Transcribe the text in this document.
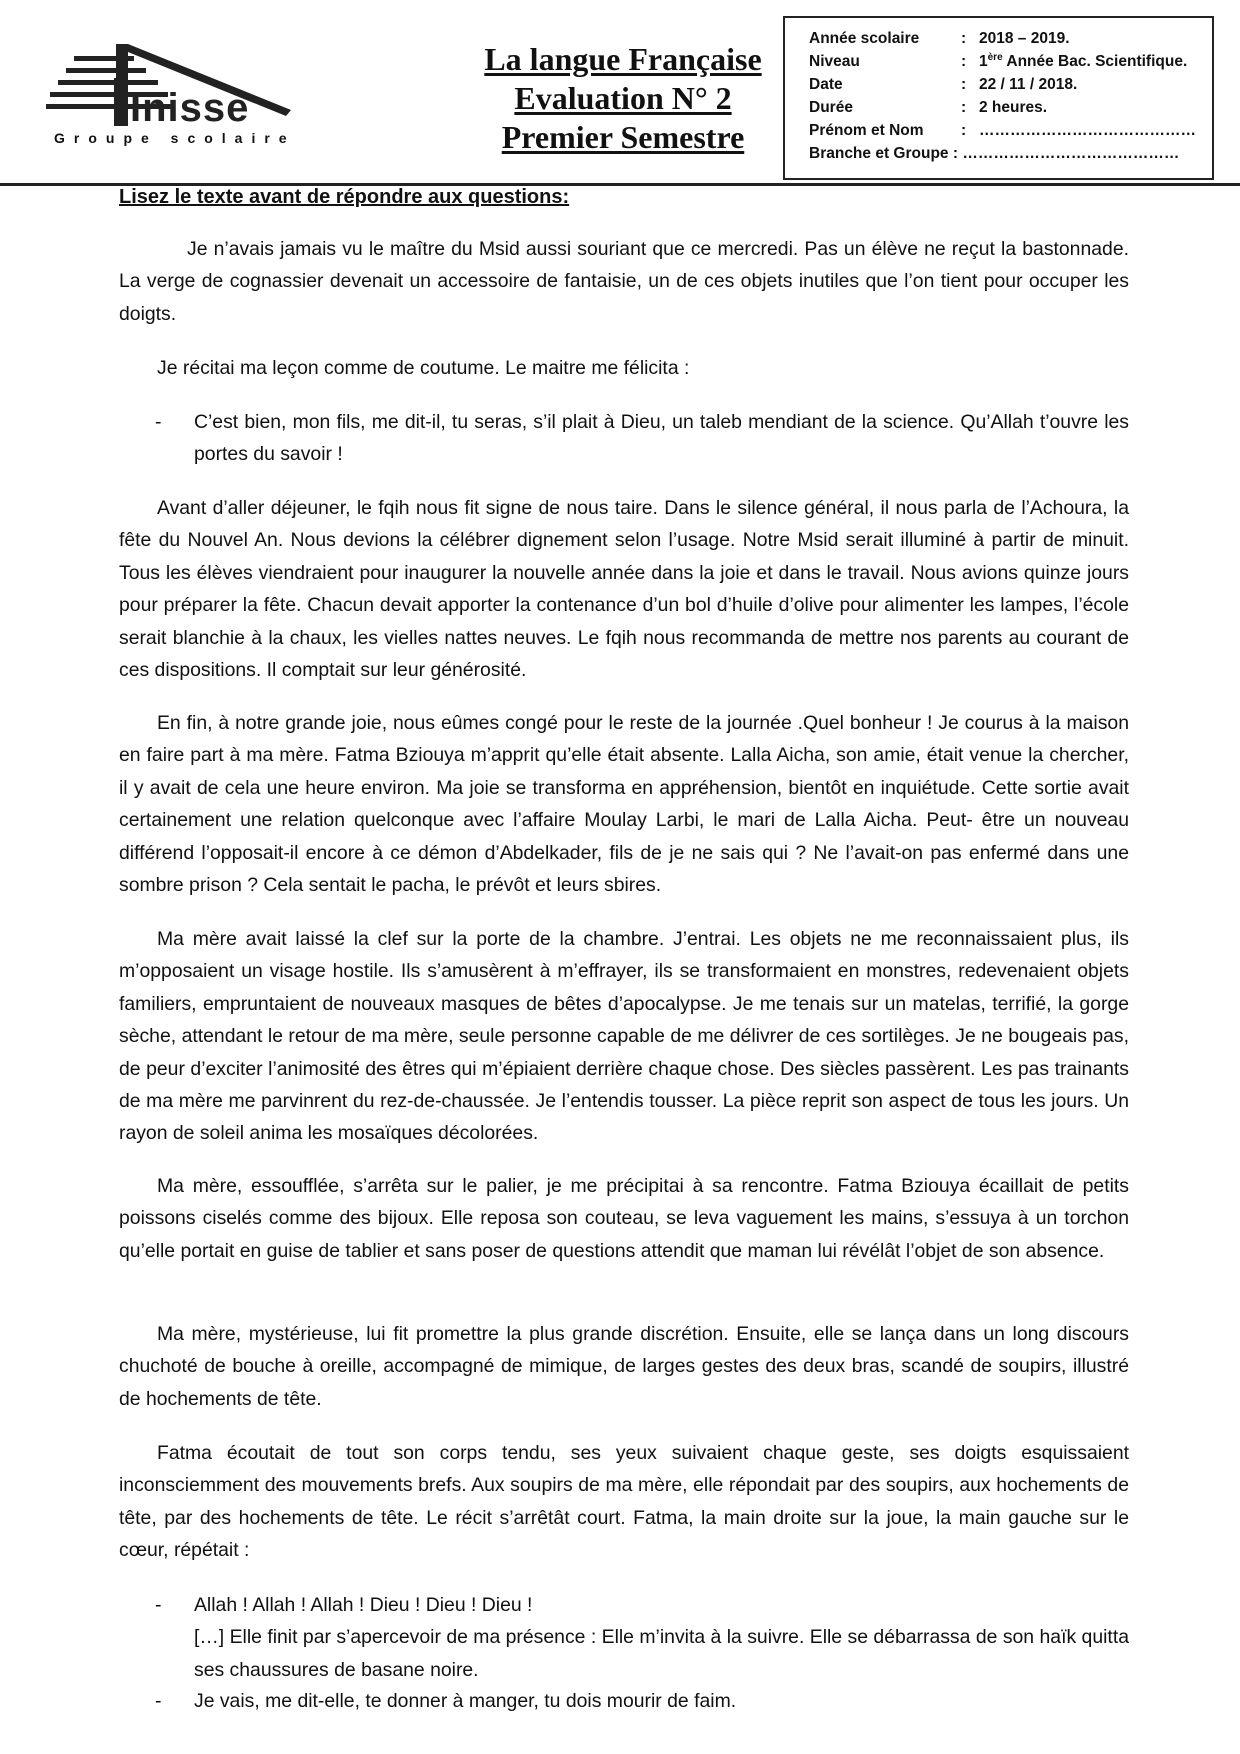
Inisse
Groupe scolaire
La langue Française
Evaluation N° 2
Premier Semestre
Année scolaire	: 2018 – 2019.
Niveau	: 1ère Année Bac. Scientifique.
Date	: 22 / 11 / 2018.
Durée	: 2 heures.
Prénom et Nom : ……………………………………
Branche et Groupe : ……………………………………
Lisez le texte avant de répondre aux questions:

Je n’avais jamais vu le maître du Msid aussi souriant que ce mercredi. Pas un élève ne reçut la bastonnade. La verge de cognassier devenait un accessoire de fantaisie, un de ces objets inutiles que l’on tient pour occuper les doigts.

Je récitai ma leçon comme de coutume. Le maitre me félicita :

- C’est bien, mon fils, me dit-il, tu seras, s’il plait à Dieu, un taleb mendiant de la science. Qu’Allah t’ouvre les portes du savoir !

Avant d’aller déjeuner, le fqih nous fit signe de nous taire. Dans le silence général, il nous parla de l’Achoura, la fête du Nouvel An. Nous devions la célébrer dignement selon l’usage. Notre Msid serait illuminé à partir de minuit. Tous les élèves viendraient pour inaugurer la nouvelle année dans la joie et dans le travail. Nous avions quinze jours pour préparer la fête. Chacun devait apporter la contenance d’un bol d’huile d’olive pour alimenter les lampes, l’école serait blanchie à la chaux, les vielles nattes neuves. Le fqih nous recommanda de mettre nos parents au courant de ces dispositions. Il comptait sur leur générosité.

En fin, à notre grande joie, nous eûmes congé pour le reste de la journée .Quel bonheur ! Je courus à la maison en faire part à ma mère. Fatma Bziouya m’apprit qu’elle était absente. Lalla Aicha, son amie, était venue la chercher, il y avait de cela une heure environ. Ma joie se transforma en appréhension, bientôt en inquiétude. Cette sortie avait certainement une relation quelconque avec l’affaire Moulay Larbi, le mari de Lalla Aicha. Peut- être un nouveau différend l’opposait-il encore à ce démon d’Abdelkader, fils de je ne sais qui ? Ne l’avait-on pas enfermé dans une sombre prison ? Cela sentait le pacha, le prévôt et leurs sbires.

Ma mère avait laissé la clef sur la porte de la chambre. J’entrai. Les objets ne me reconnaissaient plus, ils m’opposaient un visage hostile. Ils s’amusèrent à m’effrayer, ils se transformaient en monstres, redevenaient objets familiers, empruntaient de nouveaux masques de bêtes d’apocalypse. Je me tenais sur un matelas, terrifié, la gorge sèche, attendant le retour de ma mère, seule personne capable de me délivrer de ces sortilèges. Je ne bougeais pas, de peur d’exciter l’animosité des êtres qui m’épiaient derrière chaque chose. Des siècles passèrent. Les pas trainants de ma mère me parvinrent du rez-de-chaussée. Je l’entendis tousser. La pièce reprit son aspect de tous les jours. Un rayon de soleil anima les mosaïques décolorées.

Ma mère, essoufflée, s’arrêta sur le palier, je me précipitai à sa rencontre. Fatma Bziouya écaillait de petits poissons ciselés comme des bijoux. Elle reposa son couteau, se leva vaguement les mains, s’essuya à un torchon qu’elle portait en guise de tablier et sans poser de questions attendit que maman lui révélât l’objet de son absence.

Ma mère, mystérieuse, lui fit promettre la plus grande discrétion. Ensuite, elle se lança dans un long discours chuchoté de bouche à oreille, accompagné de mimique, de larges gestes des deux bras, scandé de soupirs, illustré de hochements de tête.

Fatma écoutait de tout son corps tendu, ses yeux suivaient chaque geste, ses doigts esquissaient inconsciemment des mouvements brefs. Aux soupirs de ma mère, elle répondait par des soupirs, aux hochements de tête, par des hochements de tête. Le récit s’arrêtât court. Fatma, la main droite sur la joue, la main gauche sur le cœur, répétait :

- Allah ! Allah ! Allah ! Dieu ! Dieu ! Dieu !
[…] Elle finit par s’apercevoir de ma présence : Elle m’invita à la suivre. Elle se débarrassa de son haïk quitta ses chaussures de basane noire.
- Je vais, me dit-elle, te donner à manger, tu dois mourir de faim.
